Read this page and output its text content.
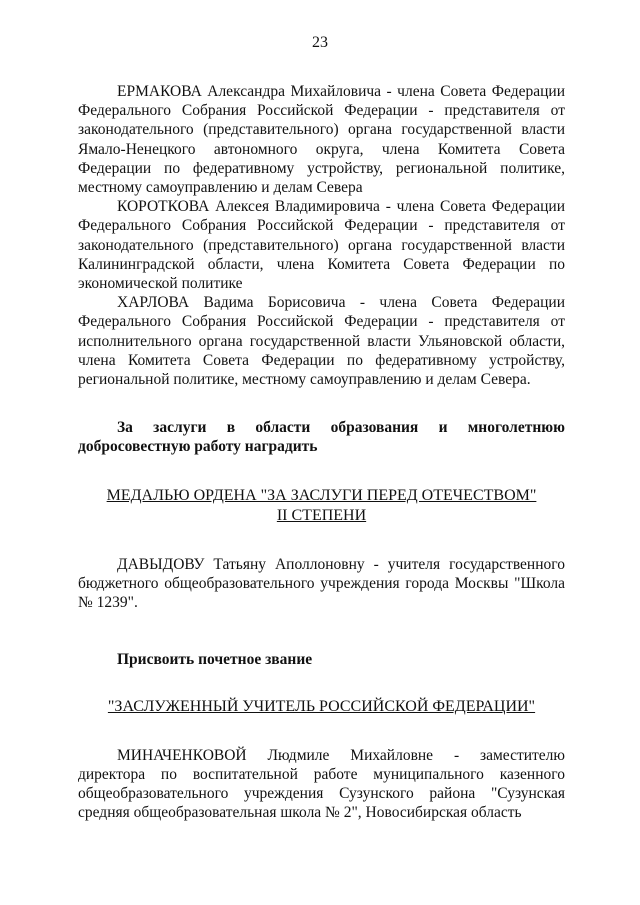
23

ЕРМАКОВА Александра Михайловича - члена Совета Федерации Федерального Собрания Российской Федерации - представителя от законодательного (представительного) органа государственной власти Ямало-Ненецкого автономного округа, члена Комитета Совета Федерации по федеративному устройству, региональной политике, местному самоуправлению и делам Севера

КОРОТКОВА Алексея Владимировича - члена Совета Федерации Федерального Собрания Российской Федерации - представителя от законодательного (представительного) органа государственной власти Калининградской области, члена Комитета Совета Федерации по экономической политике

ХАРЛОВА Вадима Борисовича - члена Совета Федерации Федерального Собрания Российской Федерации - представителя от исполнительного органа государственной власти Ульяновской области, члена Комитета Совета Федерации по федеративному устройству, региональной политике, местному самоуправлению и делам Севера.

За заслуги в области образования и многолетнюю добросовестную работу наградить

МЕДАЛЬЮ ОРДЕНА "ЗА ЗАСЛУГИ ПЕРЕД ОТЕЧЕСТВОМ"
II СТЕПЕНИ

ДАВЫДОВУ Татьяну Аполлоновну - учителя государственного бюджетного общеобразовательного учреждения города Москвы "Школа № 1239".

Присвоить почетное звание

"ЗАСЛУЖЕННЫЙ УЧИТЕЛЬ РОССИЙСКОЙ ФЕДЕРАЦИИ"

МИНАЧЕНКОВОЙ Людмиле Михайловне - заместителю директора по воспитательной работе муниципального казенного общеобразовательного учреждения Сузунского района "Сузунская средняя общеобразовательная школа № 2", Новосибирская область
